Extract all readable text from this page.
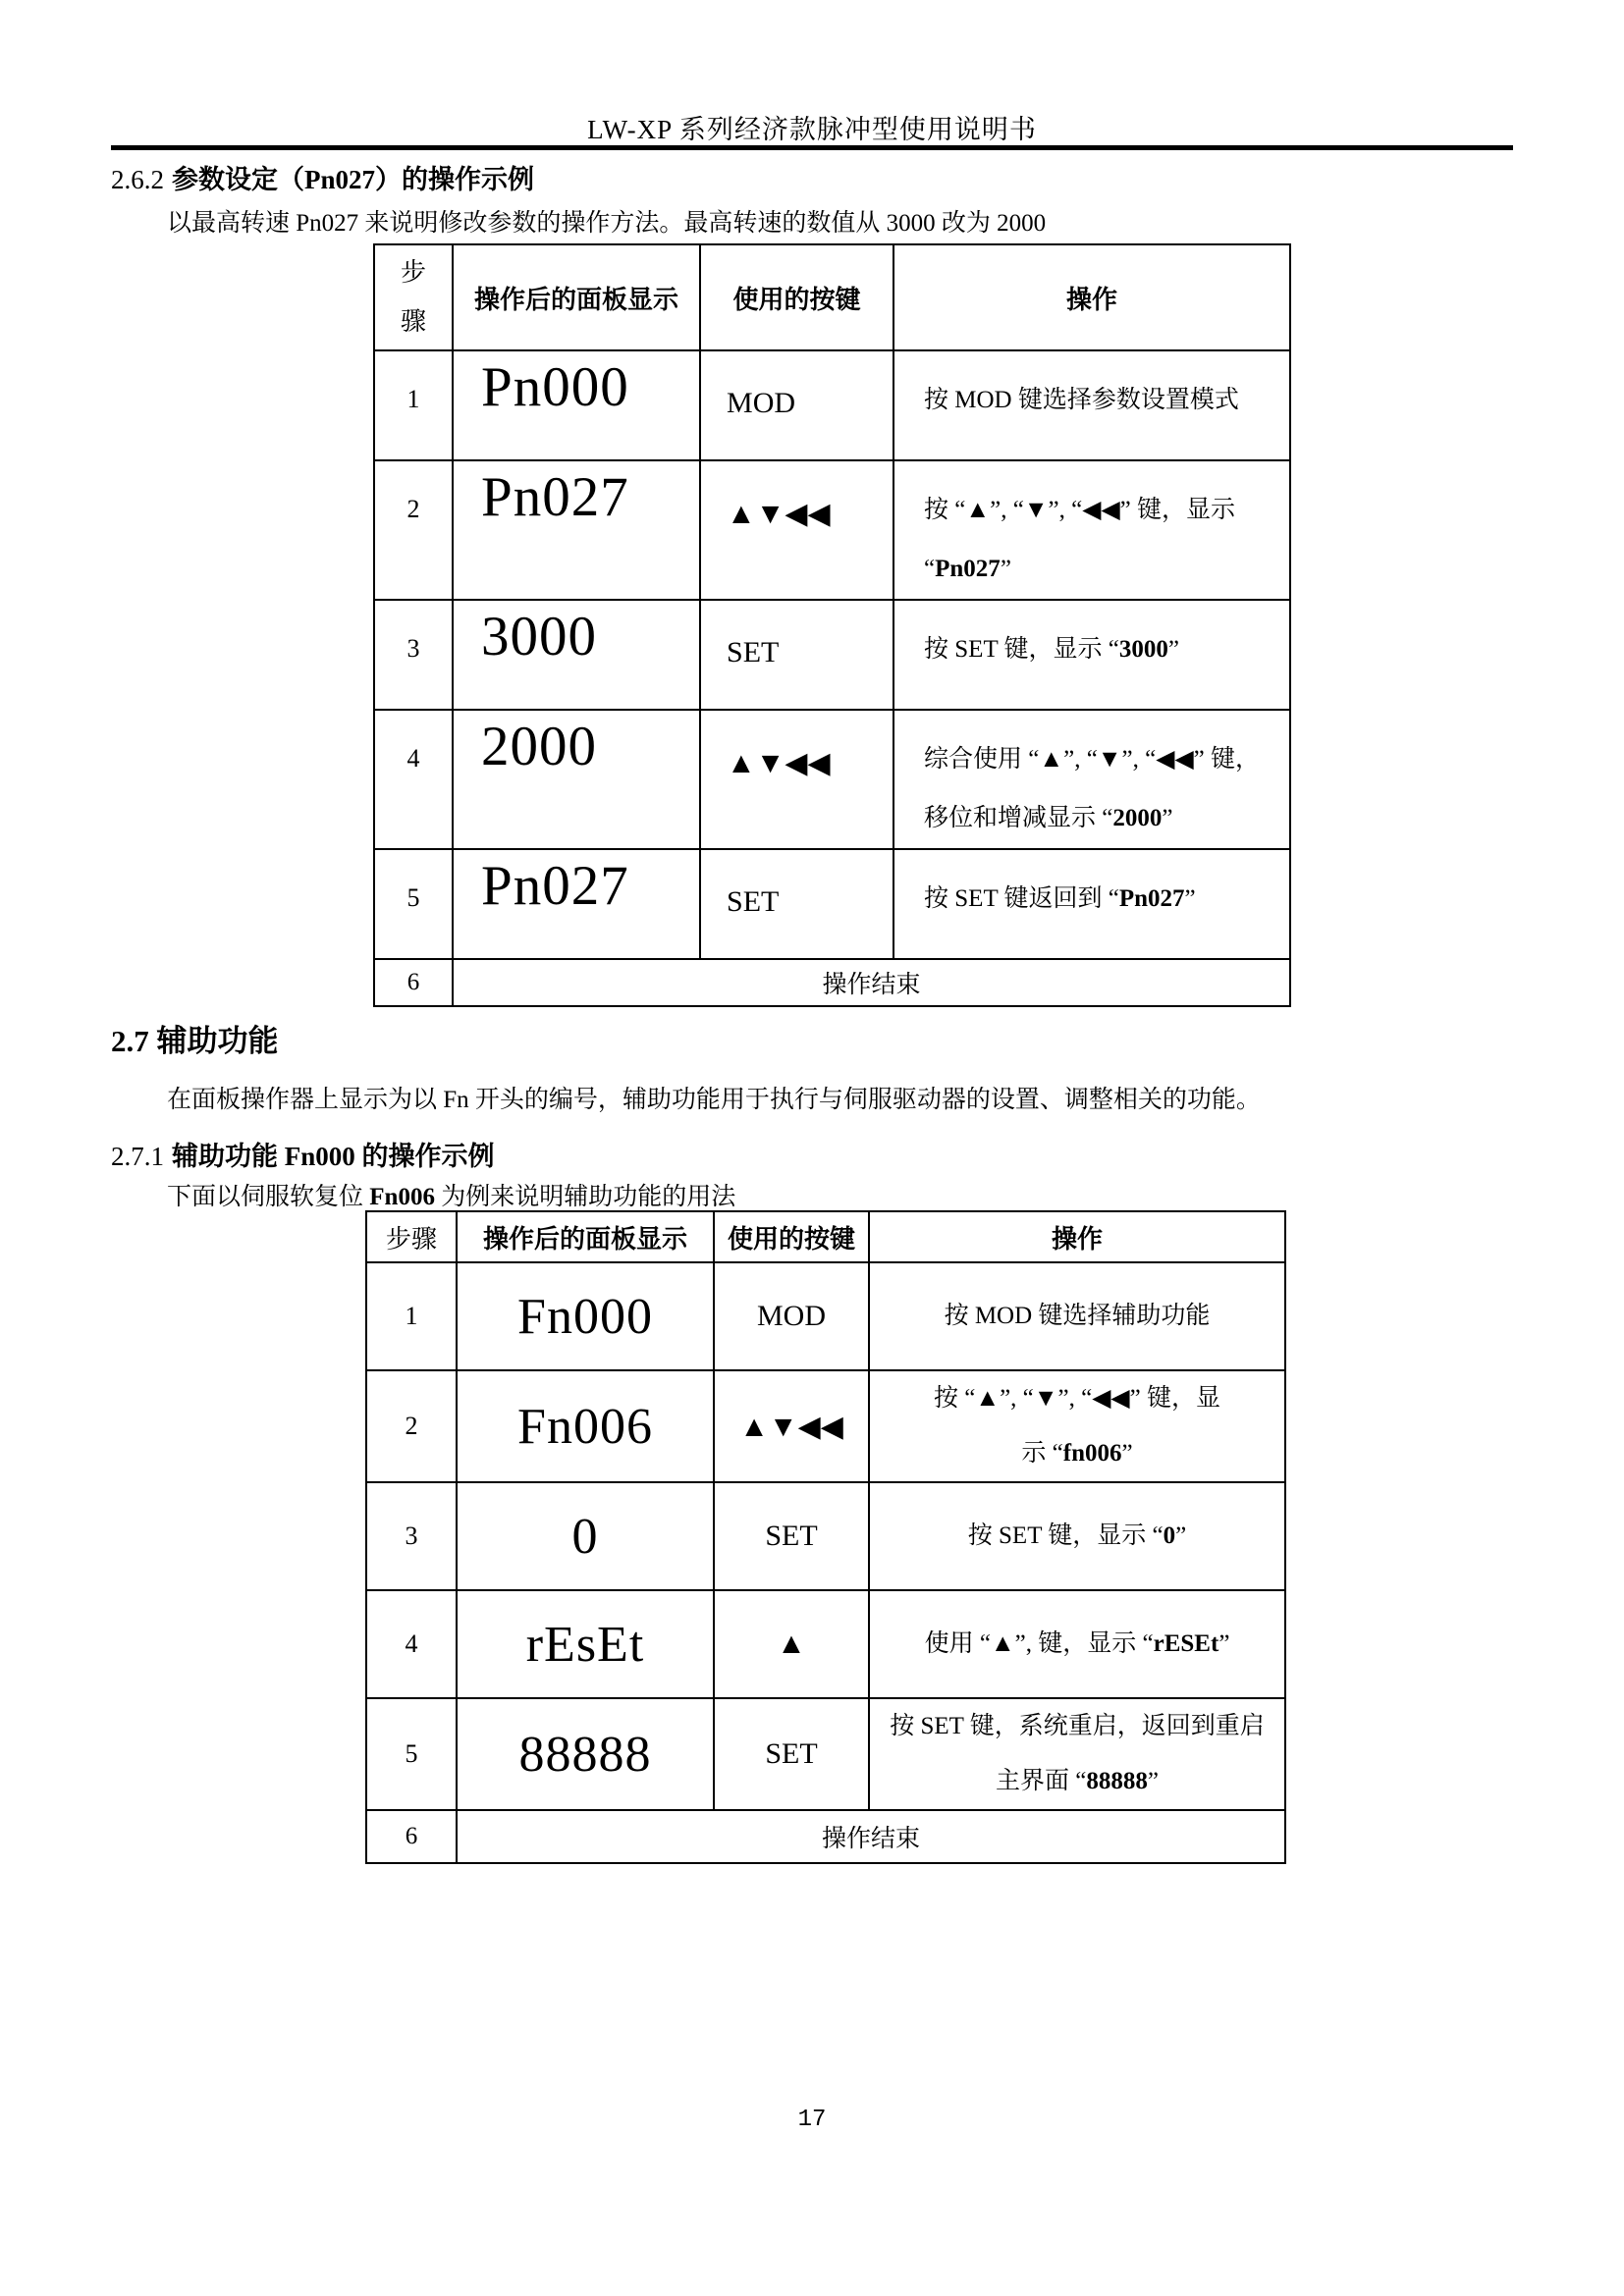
LW-XP 系列经济款脉冲型使用说明书
2.6.2 参数设定（Pn027）的操作示例
以最高转速 Pn027 来说明修改参数的操作方法。最高转速的数值从 3000 改为 2000
步骤	操作后的面板显示	使用的按键	操作
1	Pn000	MOD	按 MOD 键选择参数设置模式

2	Pn027	▲▼◀◀	按 “▲”, “▼”, “◀◀” 键，显示
“Pn027”

3	3000	SET	按 SET 键，显示 “3000”

4	2000	▲▼◀◀	综合使用 “▲”, “▼”, “◀◀” 键，
移位和增减显示 “2000”

5	Pn027	SET	按 SET 键返回到 “Pn027”

6	操作结束		
2.7 辅助功能
在面板操作器上显示为以 Fn 开头的编号，辅助功能用于执行与伺服驱动器的设置、调整相关的功能。
2.7.1 辅助功能 Fn000 的操作示例
下面以伺服软复位 Fn006 为例来说明辅助功能的用法
步骤	操作后的面板显示	使用的按键	操作
1	Fn000	MOD	按 MOD 键选择辅助功能

2	Fn006	▲▼◀◀	按 “▲”, “▼”, “◀◀” 键，显
示 “fn006”

3	0	SET	按 SET 键，显示 “0”

4	rEsEt	▲	使用 “▲”, 键，显示 “rESEt”

5	88888	SET	按 SET 键，系统重启，返回到重启
主界面 “88888”

6	操作结束		
17
